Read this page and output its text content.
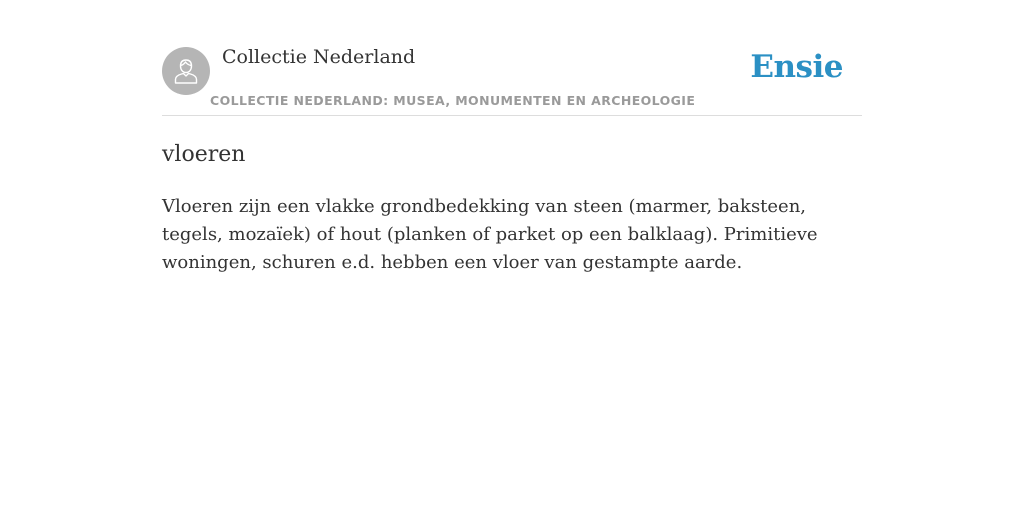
Collectie Nederland
COLLECTIE NEDERLAND: MUSEA, MONUMENTEN EN ARCHEOLOGIE
Ensie
vloeren

Vloeren zijn een vlakke grondbedekking van steen (marmer, baksteen, tegels, mozaïek) of hout (planken of parket op een balklaag). Primitieve woningen, schuren e.d. hebben een vloer van gestampte aarde.
